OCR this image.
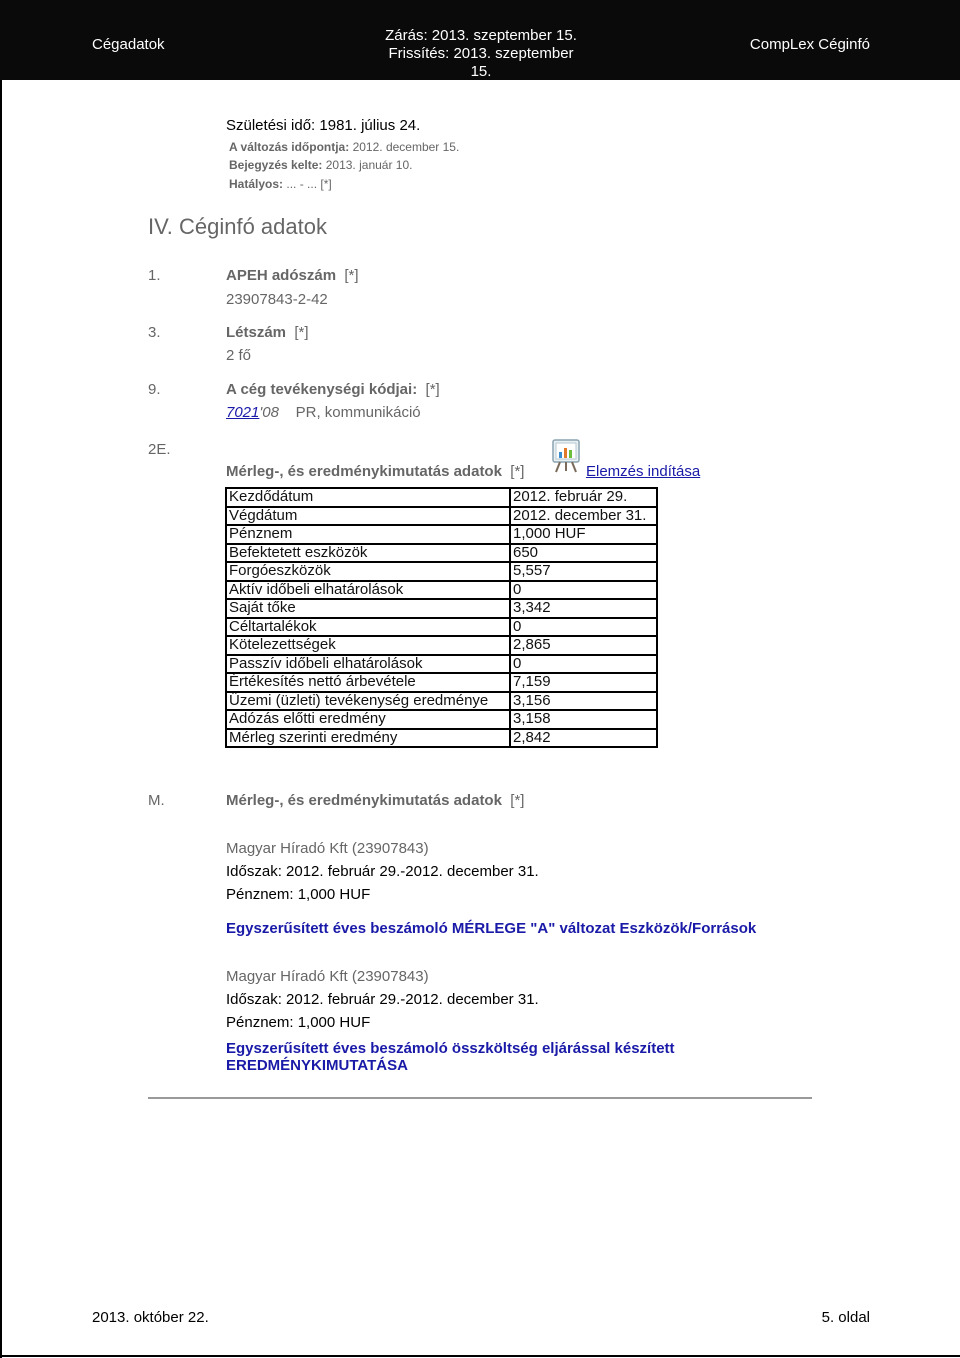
Cégadatok
Zárás: 2013. szeptember 15.
Frissítés: 2013. szeptember 15.
CompLex Céginfó
Születési idő: 1981. július 24.
A változás időpontja: 2012. december 15.
Bejegyzés kelte: 2013. január 10.
Hatályos: ... - ... [*]
IV. Céginfó adatok
1.	APEH adószám [*]
23907843-2-42
3.	Létszám [*]
2 fő
9.	A cég tevékenységi kódjai: [*]
7021'08 PR, kommunikáció
2E.
Mérleg-, és eredménykimutatás adatok [*]	Elemzés indítása
Kezdődátum	2012. február 29.
Végdátum	2012. december 31.
Pénznem	1,000 HUF
Befektetett eszközök	650
Forgóeszközök	5,557
Aktív időbeli elhatárolások	0
Saját tőke	3,342
Céltartalékok	0
Kötelezettségek	2,865
Passzív időbeli elhatárolások	0
Értékesítés nettó árbevétele	7,159
Üzemi (üzleti) tevékenység eredménye	3,156
Adózás előtti eredmény	3,158
Mérleg szerinti eredmény	2,842
M.	Mérleg-, és eredménykimutatás adatok [*]
Magyar Híradó Kft (23907843)
Időszak: 2012. február 29.-2012. december 31.
Pénznem: 1,000 HUF
Egyszerűsített éves beszámoló MÉRLEGE "A" változat Eszközök/Források
Magyar Híradó Kft (23907843)
Időszak: 2012. február 29.-2012. december 31.
Pénznem: 1,000 HUF
Egyszerűsített éves beszámoló összköltség eljárással készített
EREDMÉNYKIMUTATÁSA
2013. október 22.	5. oldal
